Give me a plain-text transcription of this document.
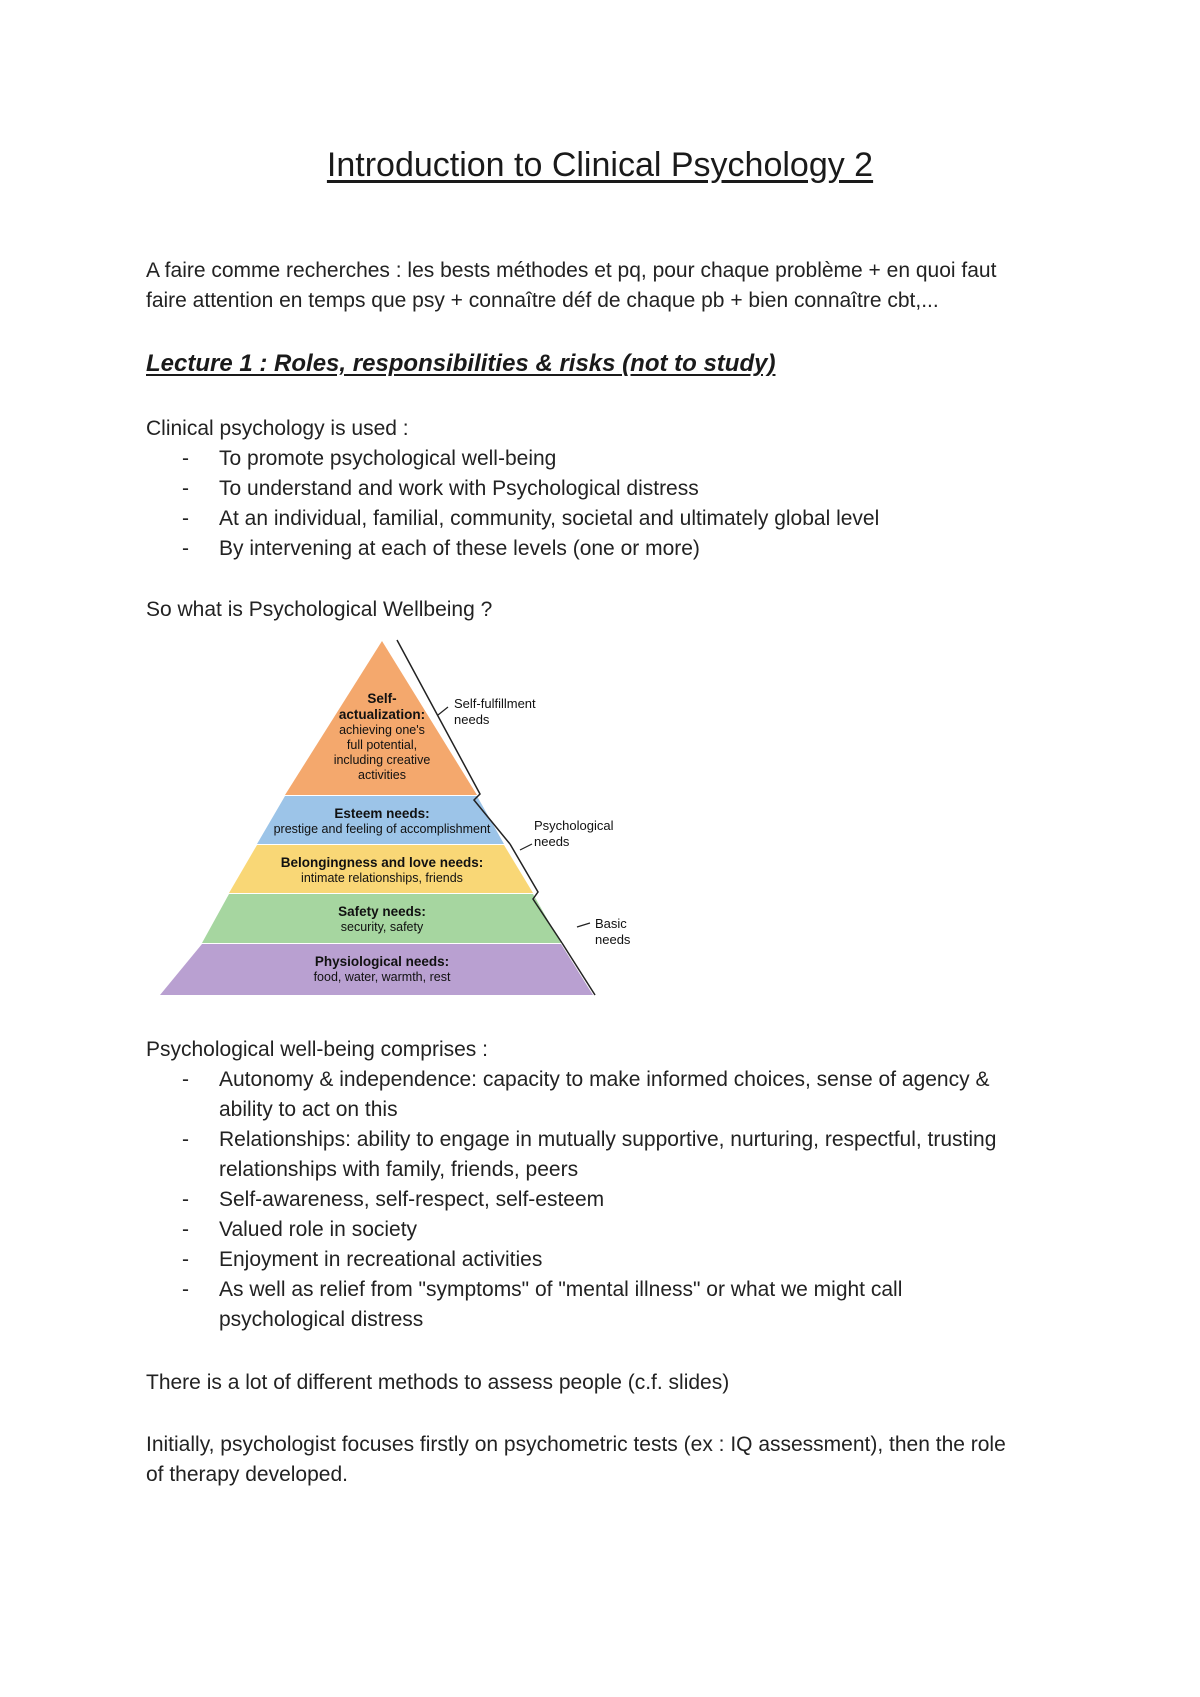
Introduction to Clinical Psychology 2

A faire comme recherches : les bests méthodes et pq, pour chaque problème + en quoi faut
faire attention en temps que psy + connaître déf de chaque pb + bien connaître cbt,...

Lecture 1 : Roles, responsibilities & risks (not to study)

Clinical psychology is used :

- To promote psychological well-being
- To understand and work with Psychological distress
- At an individual, familial, community, societal and ultimately global level
- By intervening at each of these levels (one or more)

So what is Psychological Wellbeing ?

Self-
actualization:
achieving one's
full potential,
including creative
activities
Esteem needs:
prestige and feeling of accomplishment
Belongingness and love needs:
intimate relationships, friends
Safety needs:
security, safety
Physiological needs:
food, water, warmth, rest
Self-fulfillment
needs
Psychological
needs
Basic
needs

Psychological well-being comprises :

- Autonomy & independence: capacity to make informed choices, sense of agency &
ability to act on this
- Relationships: ability to engage in mutually supportive, nurturing, respectful, trusting
relationships with family, friends, peers
- Self-awareness, self-respect, self-esteem
- Valued role in society
- Enjoyment in recreational activities
- As well as relief from "symptoms" of "mental illness" or what we might call
psychological distress

There is a lot of different methods to assess people (c.f. slides)

Initially, psychologist focuses firstly on psychometric tests (ex : IQ assessment), then the role
of therapy developed.
